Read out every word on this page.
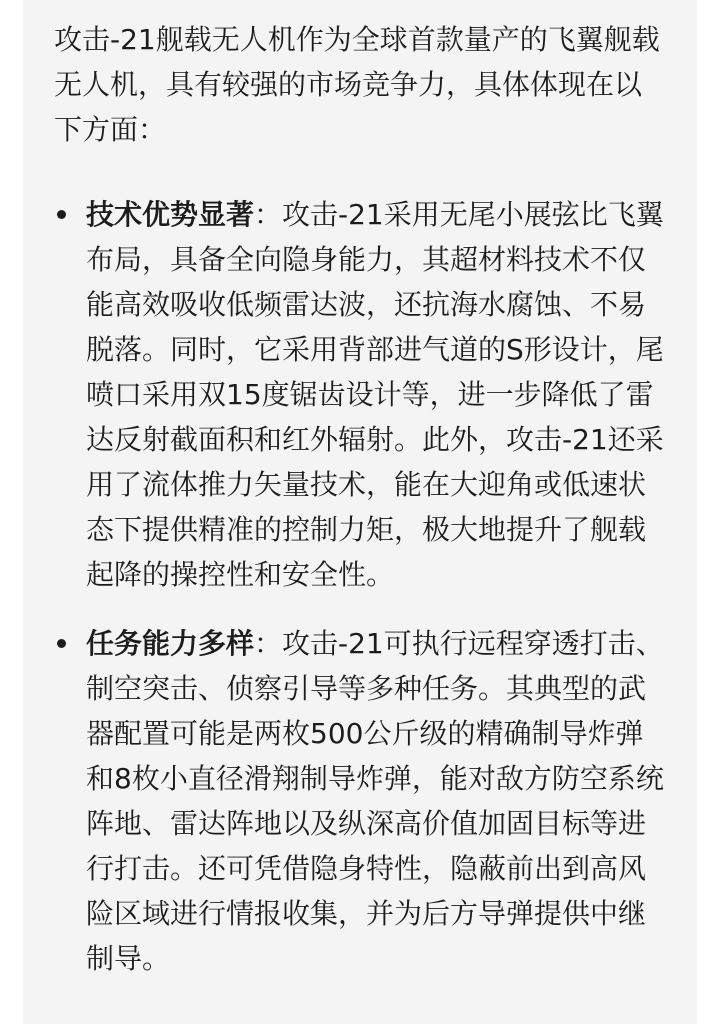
攻击-21舰载无人机作为全球首款量产的飞翼舰载无人机，具有较强的市场竞争力，具体体现在以下方面：

技术优势显著：攻击-21采用无尾小展弦比飞翼布局，具备全向隐身能力，其超材料技术不仅能高效吸收低频雷达波，还抗海水腐蚀、不易脱落。同时，它采用背部进气道的S形设计，尾喷口采用双15度锯齿设计等，进一步降低了雷达反射截面积和红外辐射。此外，攻击-21还采用了流体推力矢量技术，能在大迎角或低速状态下提供精准的控制力矩，极大地提升了舰载起降的操控性和安全性。

任务能力多样：攻击-21可执行远程穿透打击、制空突击、侦察引导等多种任务。其典型的武器配置可能是两枚500公斤级的精确制导炸弹和8枚小直径滑翔制导炸弹，能对敌方防空系统阵地、雷达阵地以及纵深高价值加固目标等进行打击。还可凭借隐身特性，隐蔽前出到高风险区域进行情报收集，并为后方导弹提供中继制导。
